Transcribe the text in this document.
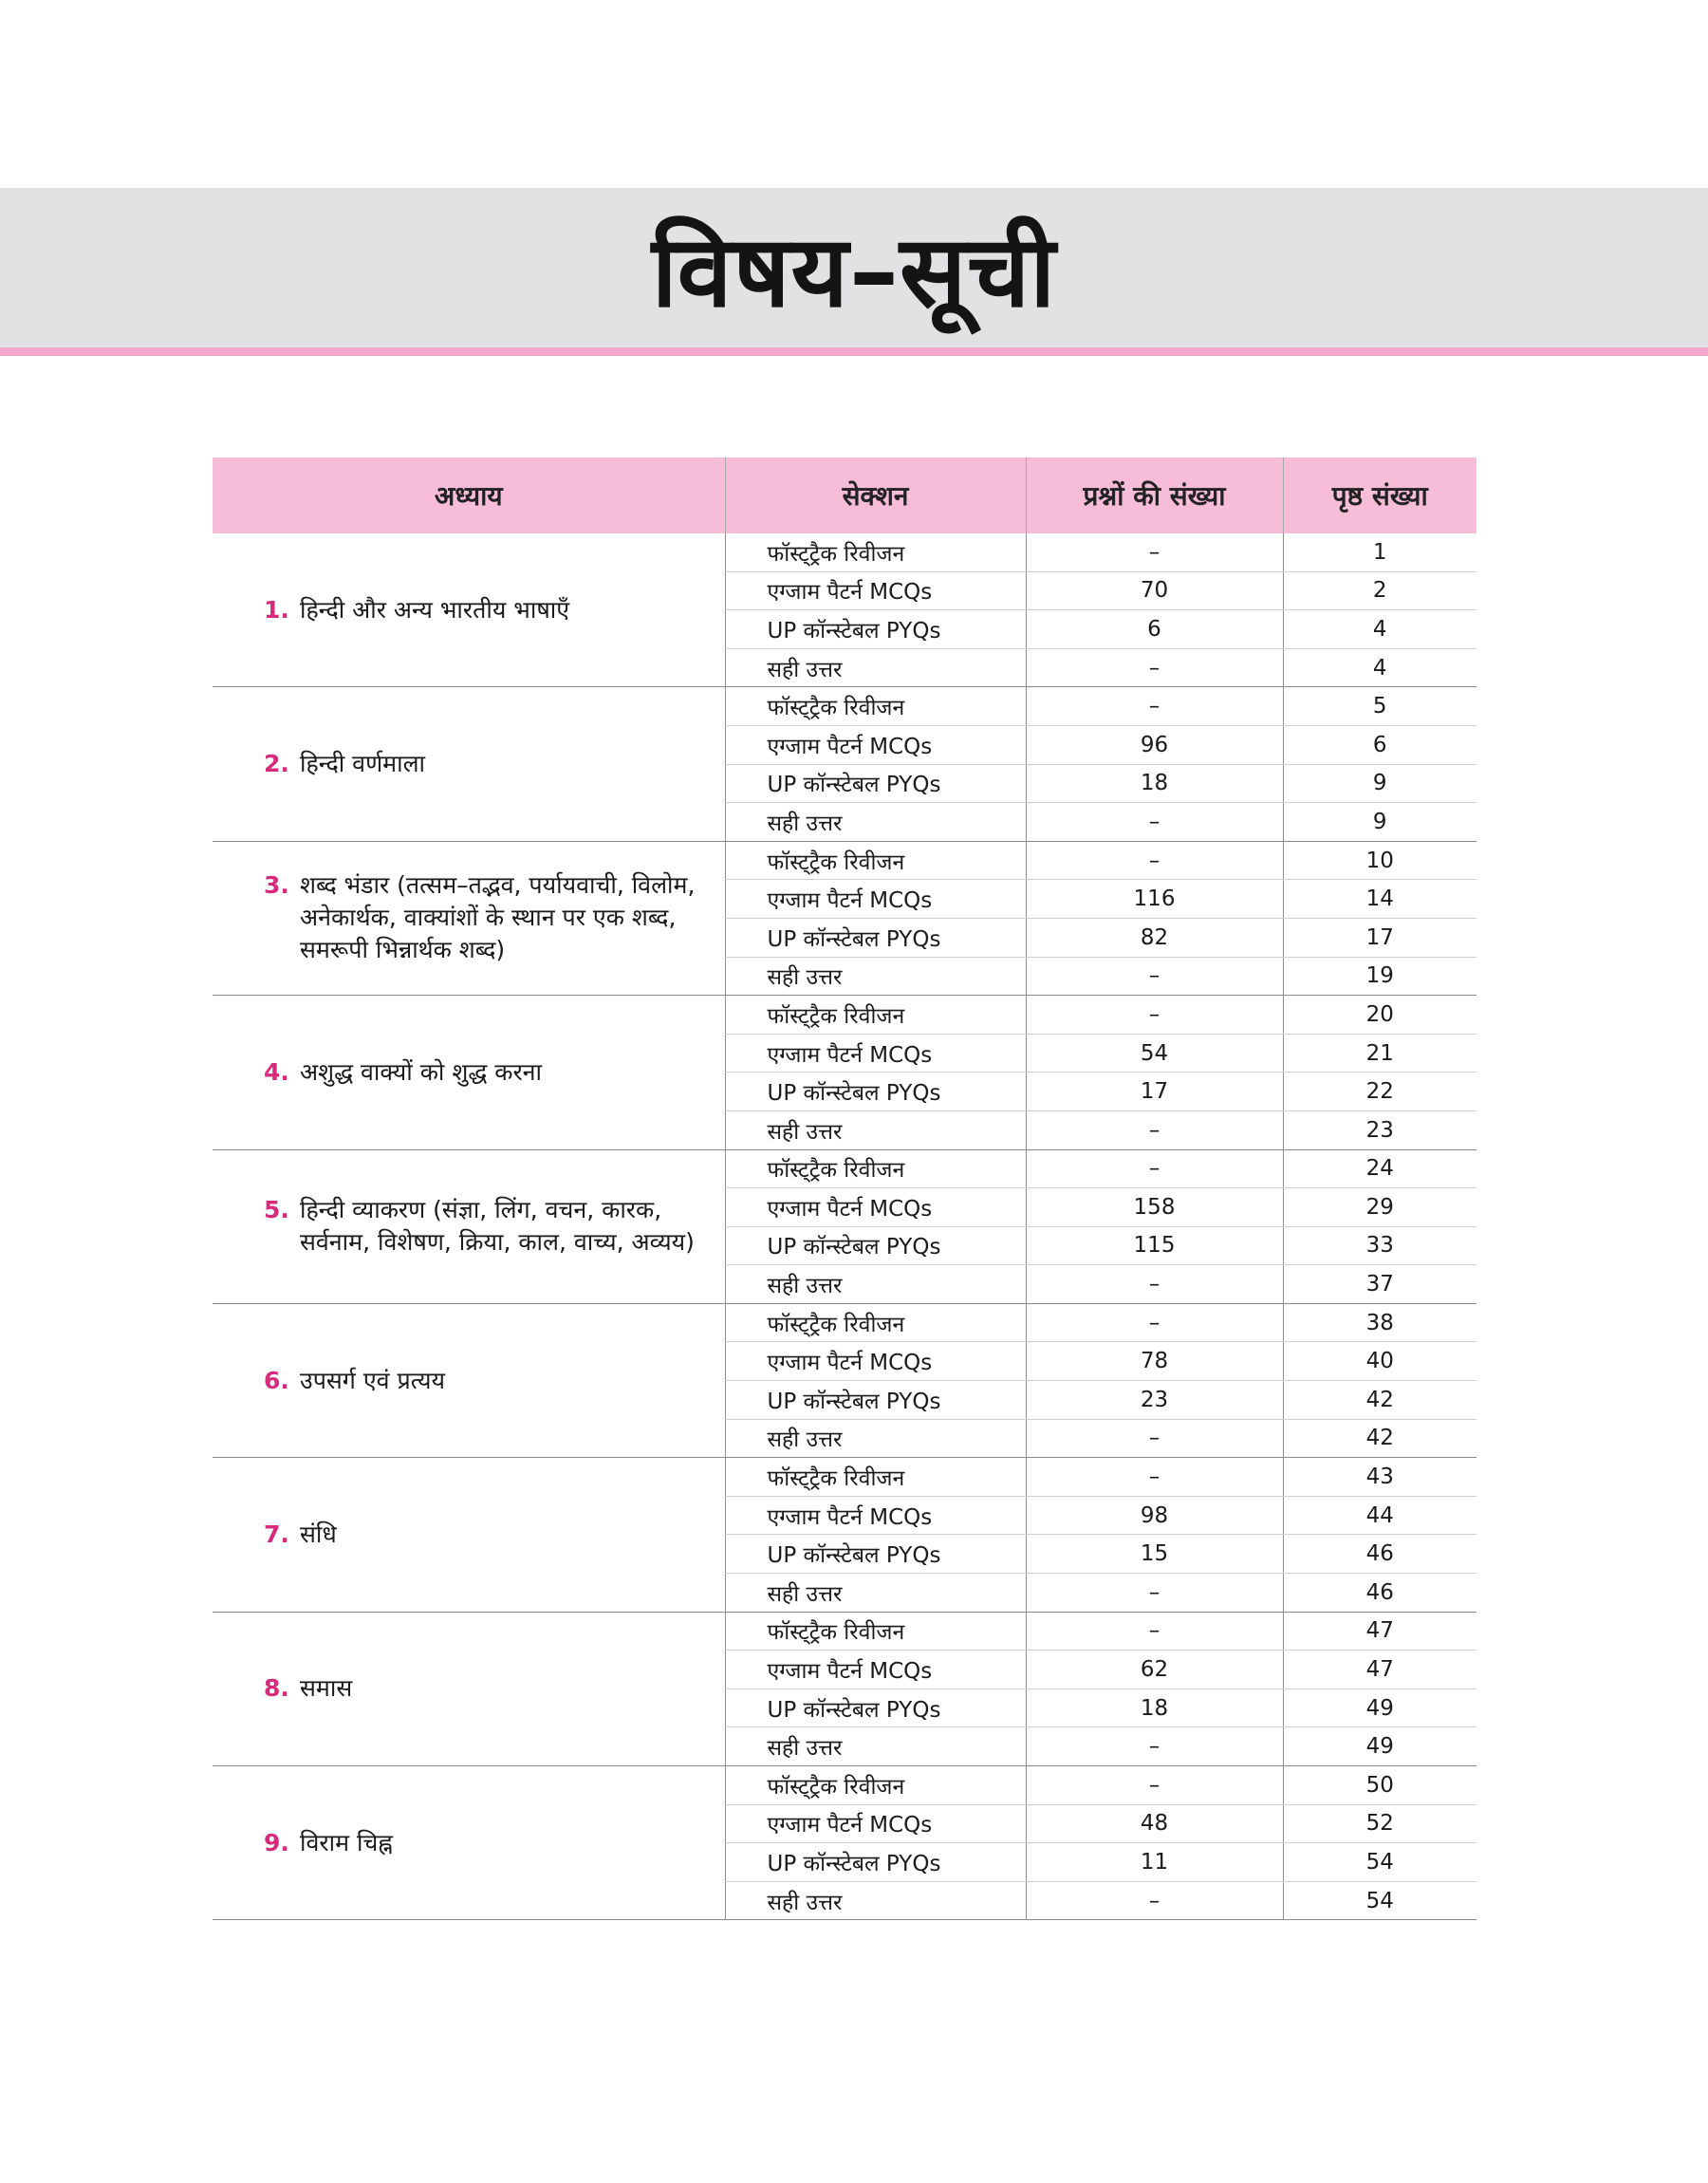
विषय–सूची
अध्याय	सेक्शन	प्रश्नों की संख्या	पृष्ठ संख्या

1. हिन्दी और अन्य भारतीय भाषाएँ	फॉस्ट्ट्रैक रिवीजन	–	1
	एग्जाम पैटर्न MCQs	70	2
	UP कॉन्स्टेबल PYQs	6	4
	सही उत्तर	–	4

2. हिन्दी वर्णमाला	फॉस्ट्ट्रैक रिवीजन	–	5
	एग्जाम पैटर्न MCQs	96	6
	UP कॉन्स्टेबल PYQs	18	9
	सही उत्तर	–	9

3. शब्द भंडार (तत्सम–तद्भव, पर्यायवाची, विलोम, अनेकार्थक, वाक्यांशों के स्थान पर एक शब्द, समरूपी भिन्नार्थक शब्द)	फॉस्ट्ट्रैक रिवीजन	–	10
	एग्जाम पैटर्न MCQs	116	14
	UP कॉन्स्टेबल PYQs	82	17
	सही उत्तर	–	19

4. अशुद्ध वाक्यों को शुद्ध करना	फॉस्ट्ट्रैक रिवीजन	–	20
	एग्जाम पैटर्न MCQs	54	21
	UP कॉन्स्टेबल PYQs	17	22
	सही उत्तर	–	23

5. हिन्दी व्याकरण (संज्ञा, लिंग, वचन, कारक, सर्वनाम, विशेषण, क्रिया, काल, वाच्य, अव्यय)	फॉस्ट्ट्रैक रिवीजन	–	24
	एग्जाम पैटर्न MCQs	158	29
	UP कॉन्स्टेबल PYQs	115	33
	सही उत्तर	–	37

6. उपसर्ग एवं प्रत्यय	फॉस्ट्ट्रैक रिवीजन	–	38
	एग्जाम पैटर्न MCQs	78	40
	UP कॉन्स्टेबल PYQs	23	42
	सही उत्तर	–	42

7. संधि	फॉस्ट्ट्रैक रिवीजन	–	43
	एग्जाम पैटर्न MCQs	98	44
	UP कॉन्स्टेबल PYQs	15	46
	सही उत्तर	–	46

8. समास	फॉस्ट्ट्रैक रिवीजन	–	47
	एग्जाम पैटर्न MCQs	62	47
	UP कॉन्स्टेबल PYQs	18	49
	सही उत्तर	–	49

9. विराम चिह्न	फॉस्ट्ट्रैक रिवीजन	–	50
	एग्जाम पैटर्न MCQs	48	52
	UP कॉन्स्टेबल PYQs	11	54
	सही उत्तर	–	54
